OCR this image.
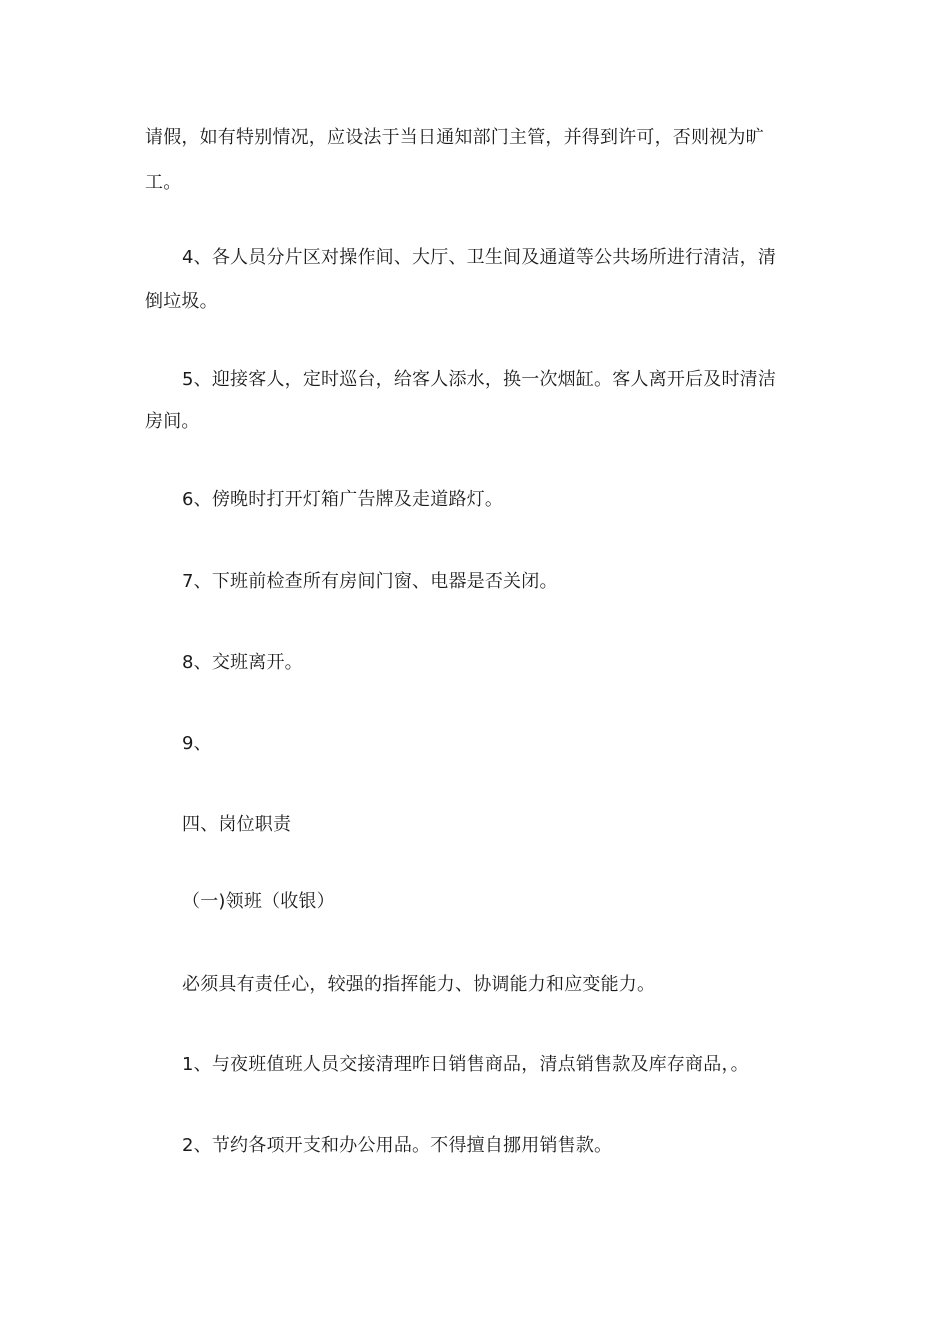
请假，如有特别情况，应设法于当日通知部门主管，并得到许可，否则视为旷
工。
4、各人员分片区对操作间、大厅、卫生间及通道等公共场所进行清洁，清
倒垃圾。
5、迎接客人，定时巡台，给客人添水，换一次烟缸。客人离开后及时清洁
房间。
6、傍晚时打开灯箱广告牌及走道路灯。
7、下班前检查所有房间门窗、电器是否关闭。
8、交班离开。
9、
四、岗位职责
（一)领班（收银）
必须具有责任心，较强的指挥能力、协调能力和应变能力。
1、与夜班值班人员交接清理昨日销售商品，清点销售款及库存商品，。
2、节约各项开支和办公用品。不得擅自挪用销售款。
